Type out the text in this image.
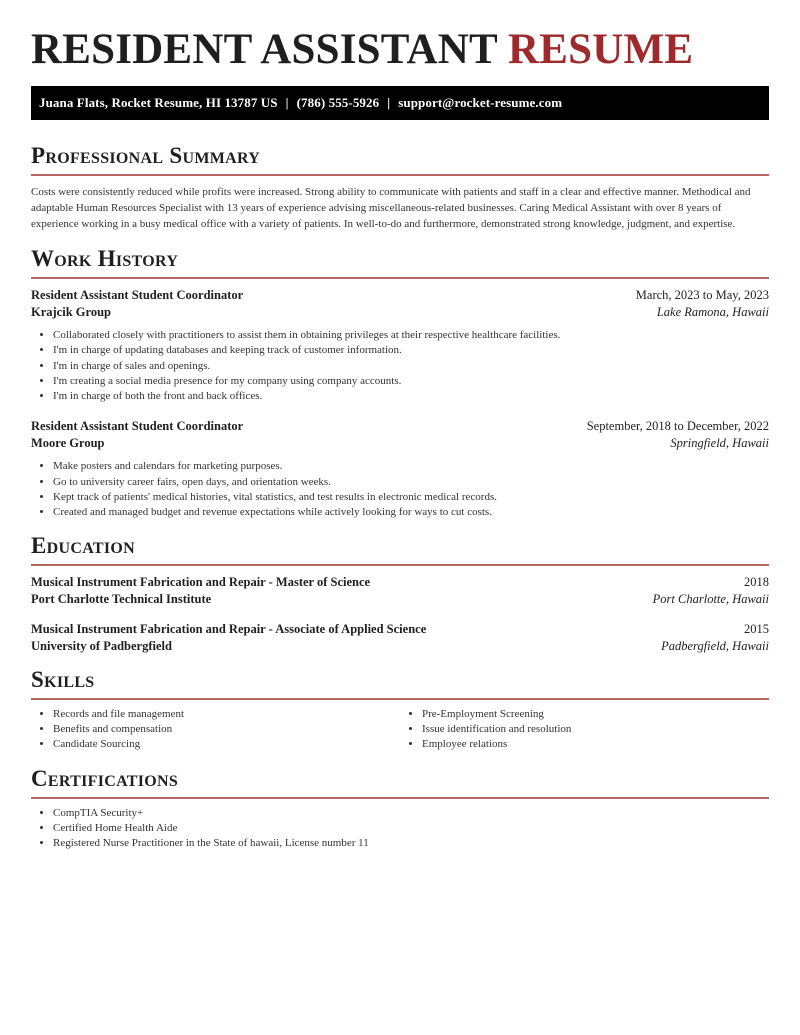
RESIDENT ASSISTANT RESUME
Juana Flats, Rocket Resume, HI 13787 US | (786) 555-5926 | support@rocket-resume.com
Professional Summary

Costs were consistently reduced while profits were increased. Strong ability to communicate with patients and staff in a clear and effective manner. Methodical and adaptable Human Resources Specialist with 13 years of experience advising miscellaneous-related businesses. Caring Medical Assistant with over 8 years of experience working in a busy medical office with a variety of patients. In well-to-do and furthermore, demonstrated strong knowledge, judgment, and expertise.

Work History
Resident Assistant Student Coordinator	March, 2023 to May, 2023
Krajcik Group	Lake Ramona, Hawaii
• Collaborated closely with practitioners to assist them in obtaining privileges at their respective healthcare facilities.
• I'm in charge of updating databases and keeping track of customer information.
• I'm in charge of sales and openings.
• I'm creating a social media presence for my company using company accounts.
• I'm in charge of both the front and back offices.
Resident Assistant Student Coordinator	September, 2018 to December, 2022
Moore Group	Springfield, Hawaii
• Make posters and calendars for marketing purposes.
• Go to university career fairs, open days, and orientation weeks.
• Kept track of patients' medical histories, vital statistics, and test results in electronic medical records.
• Created and managed budget and revenue expectations while actively looking for ways to cut costs.
Education
Musical Instrument Fabrication and Repair - Master of Science	2018
Port Charlotte Technical Institute	Port Charlotte, Hawaii
Musical Instrument Fabrication and Repair - Associate of Applied Science	2015
University of Padbergfield	Padbergfield, Hawaii
Skills
• Records and file management
• Benefits and compensation
• Candidate Sourcing
• Pre-Employment Screening
• Issue identification and resolution
• Employee relations
Certifications
• CompTIA Security+
• Certified Home Health Aide
• Registered Nurse Practitioner in the State of hawaii, License number 11
